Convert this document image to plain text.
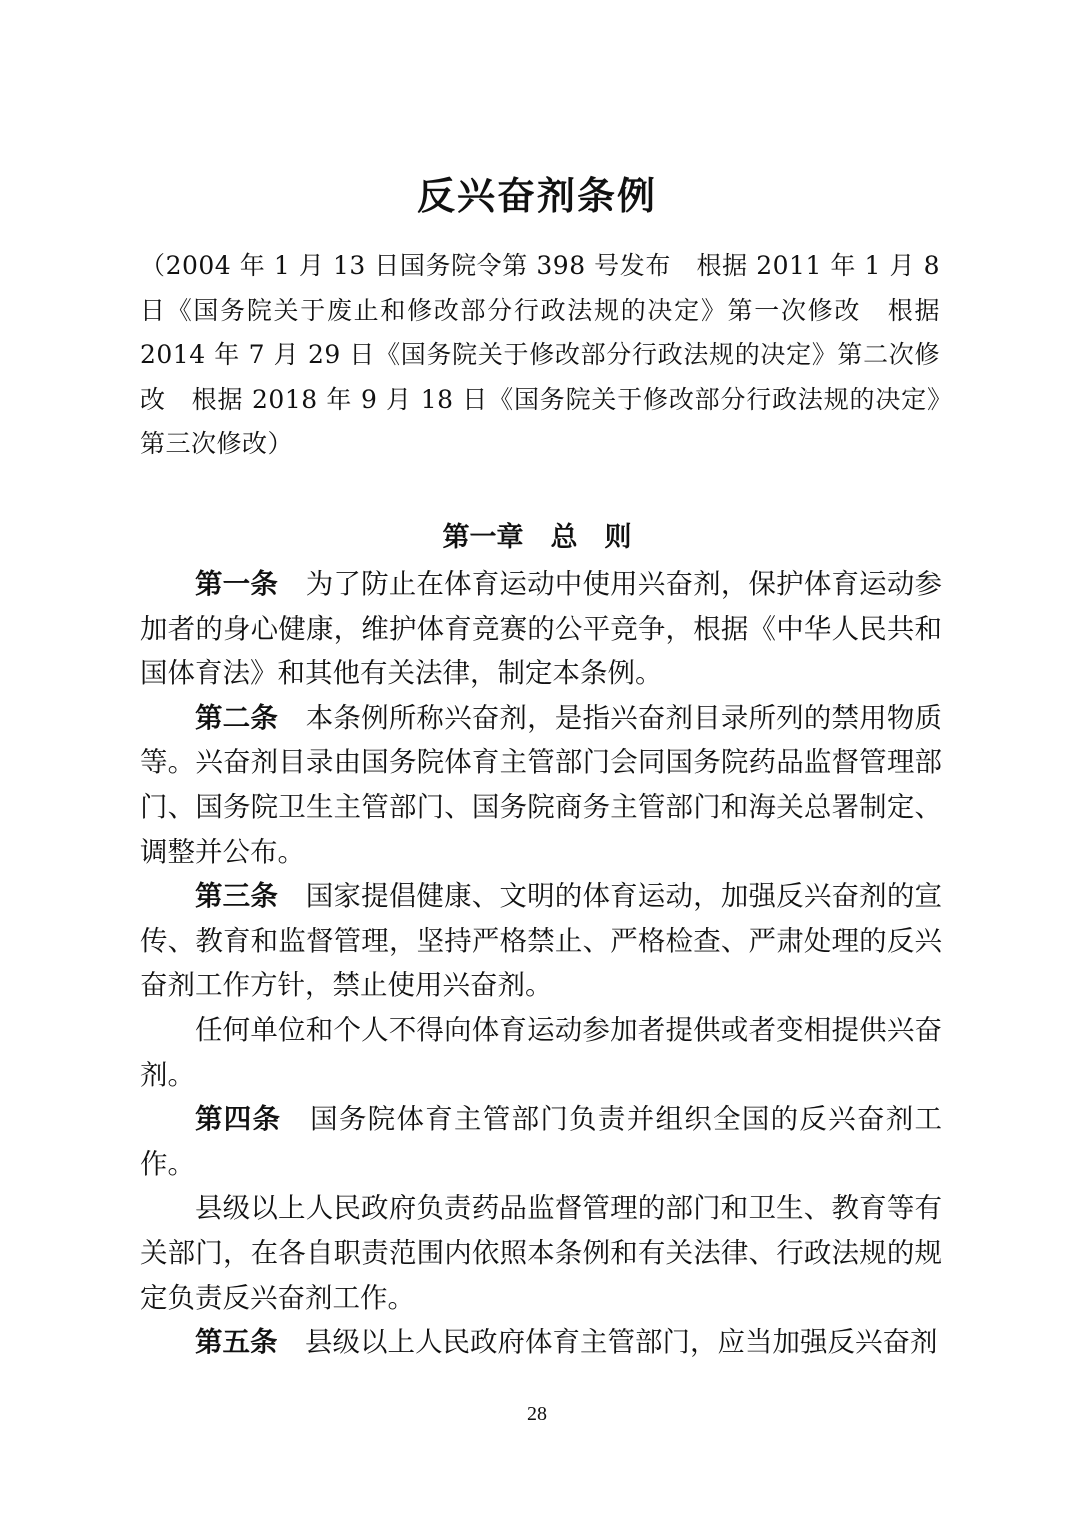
反兴奋剂条例
（2004 年 1 月 13 日国务院令第 398 号发布　根据 2011 年 1 月 8 日《国务院关于废止和修改部分行政法规的决定》第一次修改　根据 2014 年 7 月 29 日《国务院关于修改部分行政法规的决定》第二次修改　根据 2018 年 9 月 18 日《国务院关于修改部分行政法规的决定》第三次修改）
第一章　总　则

第一条　 为了防止在体育运动中使用兴奋剂，保护体育运动参加者的身心健康，维护体育竞赛的公平竞争，根据《中华人民共和国体育法》和其他有关法律，制定本条例。

第二条　 本条例所称兴奋剂，是指兴奋剂目录所列的禁用物质等。兴奋剂目录由国务院体育主管部门会同国务院药品监督管理部门、国务院卫生主管部门、国务院商务主管部门和海关总署制定、调整并公布。

第三条　 国家提倡健康、文明的体育运动，加强反兴奋剂的宣传、教育和监督管理，坚持严格禁止、严格检查、严肃处理的反兴奋剂工作方针，禁止使用兴奋剂。

任何单位和个人不得向体育运动参加者提供或者变相提供兴奋剂。

第四条　 国务院体育主管部门负责并组织全国的反兴奋剂工作。

县级以上人民政府负责药品监督管理的部门和卫生、教育等有关部门，在各自职责范围内依照本条例和有关法律、行政法规的规定负责反兴奋剂工作。

第五条　 县级以上人民政府体育主管部门，应当加强反兴奋剂

28
